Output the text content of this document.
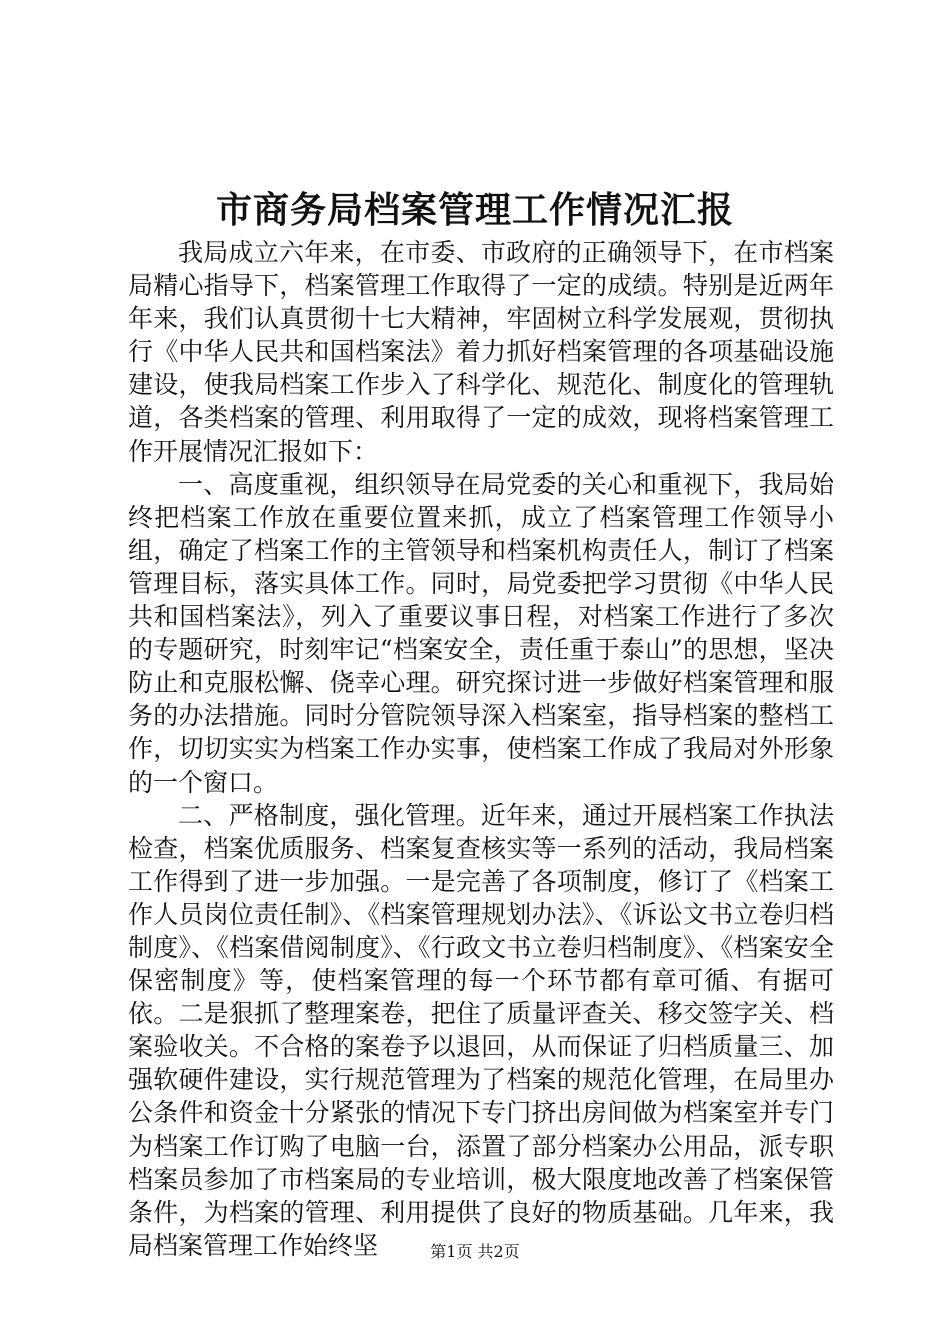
市商务局档案管理工作情况汇报

我局成立六年来，在市委、市政府的正确领导下，在市档案局精心指导下，档案管理工作取得了一定的成绩。特别是近两年年来，我们认真贯彻十七大精神，牢固树立科学发展观，贯彻执行《中华人民共和国档案法》着力抓好档案管理的各项基础设施建设，使我局档案工作步入了科学化、规范化、制度化的管理轨道，各类档案的管理、利用取得了一定的成效，现将档案管理工作开展情况汇报如下：

一、高度重视，组织领导在局党委的关心和重视下，我局始终把档案工作放在重要位置来抓，成立了档案管理工作领导小组，确定了档案工作的主管领导和档案机构责任人，制订了档案管理目标，落实具体工作。同时，局党委把学习贯彻《中华人民共和国档案法》，列入了重要议事日程，对档案工作进行了多次的专题研究，时刻牢记“档案安全，责任重于泰山”的思想，坚决防止和克服松懈、侥幸心理。研究探讨进一步做好档案管理和服务的办法措施。同时分管院领导深入档案室，指导档案的整档工作，切切实实为档案工作办实事，使档案工作成了我局对外形象的一个窗口。

二、严格制度，强化管理。近年来，通过开展档案工作执法检查，档案优质服务、档案复查核实等一系列的活动，我局档案工作得到了进一步加强。一是完善了各项制度，修订了《档案工作人员岗位责任制》、《档案管理规划办法》、《诉讼文书立卷归档制度》、《档案借阅制度》、《行政文书立卷归档制度》、《档案安全保密制度》等，使档案管理的每一个环节都有章可循、有据可依。二是狠抓了整理案卷，把住了质量评查关、移交签字关、档案验收关。不合格的案卷予以退回，从而保证了归档质量三、加强软硬件建设，实行规范管理为了档案的规范化管理，在局里办公条件和资金十分紧张的情况下专门挤出房间做为档案室并专门为档案工作订购了电脑一台，添置了部分档案办公用品，派专职档案员参加了市档案局的专业培训，极大限度地改善了档案保管条件，为档案的管理、利用提供了良好的物质基础。几年来，我局档案管理工作始终坚	第1页 共2页
